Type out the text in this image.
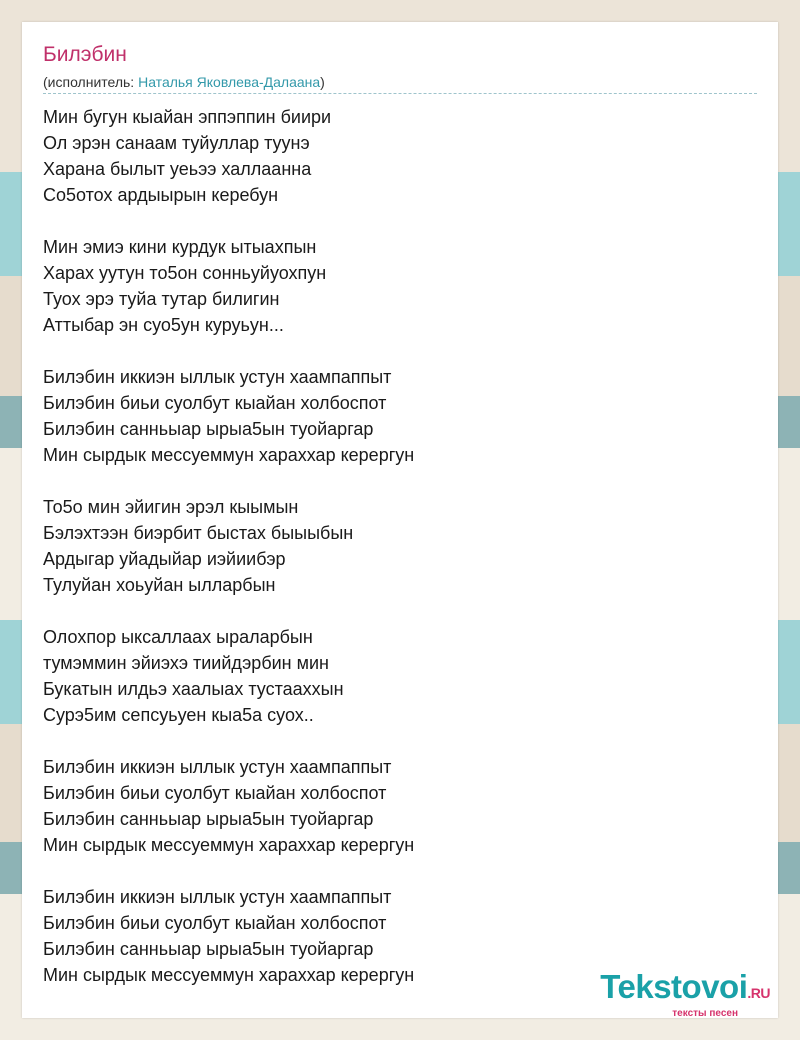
Билэбин
(исполнитель: Наталья Яковлева-Далаана)
Мин бугун кыайан эппэппин биири
Ол эрэн санаам туйуллар туунэ
Харана былыт уеьээ халлаанна
Со5отох ардыырын керебун
Мин эмиэ кини курдук ытыахпын
Харах уутун то5он сонньуйуохпун
Туох эрэ туйа тутар билигин
Аттыбар эн суо5ун куруьун...
Билэбин иккиэн ыллык устун хаампаппыт
Билэбин биьи суолбут кыайан холбоспот
Билэбин санньыар ырыа5ын туойаргар
Мин сырдык мессуеммун хараххар керергун
То5о мин эйигин эрэл кыымын
Бэлэхтээн биэрбит быстах быыыбын
Ардыгар уйадыйар иэйиибэр
Тулуйан хоьуйан ылларбын
Олохпор ыксаллаах ыраларбын
тумэммин эйиэхэ тиийдэрбин мин
Букатын илдьэ хаалыах тустааххын
Сурэ5им сепсуьуен кыа5а суох..
Билэбин иккиэн ыллык устун хаампаппыт
Билэбин биьи суолбут кыайан холбоспот
Билэбин санньыар ырыа5ын туойаргар
Мин сырдык мессуеммун хараххар керергун
Билэбин иккиэн ыллык устун хаампаппыт
Билэбин биьи суолбут кыайан холбоспот
Билэбин санньыар ырыа5ын туойаргар
Мин сырдык мессуеммун хараххар керергун	Tekstovoi.RU
тексты песен
